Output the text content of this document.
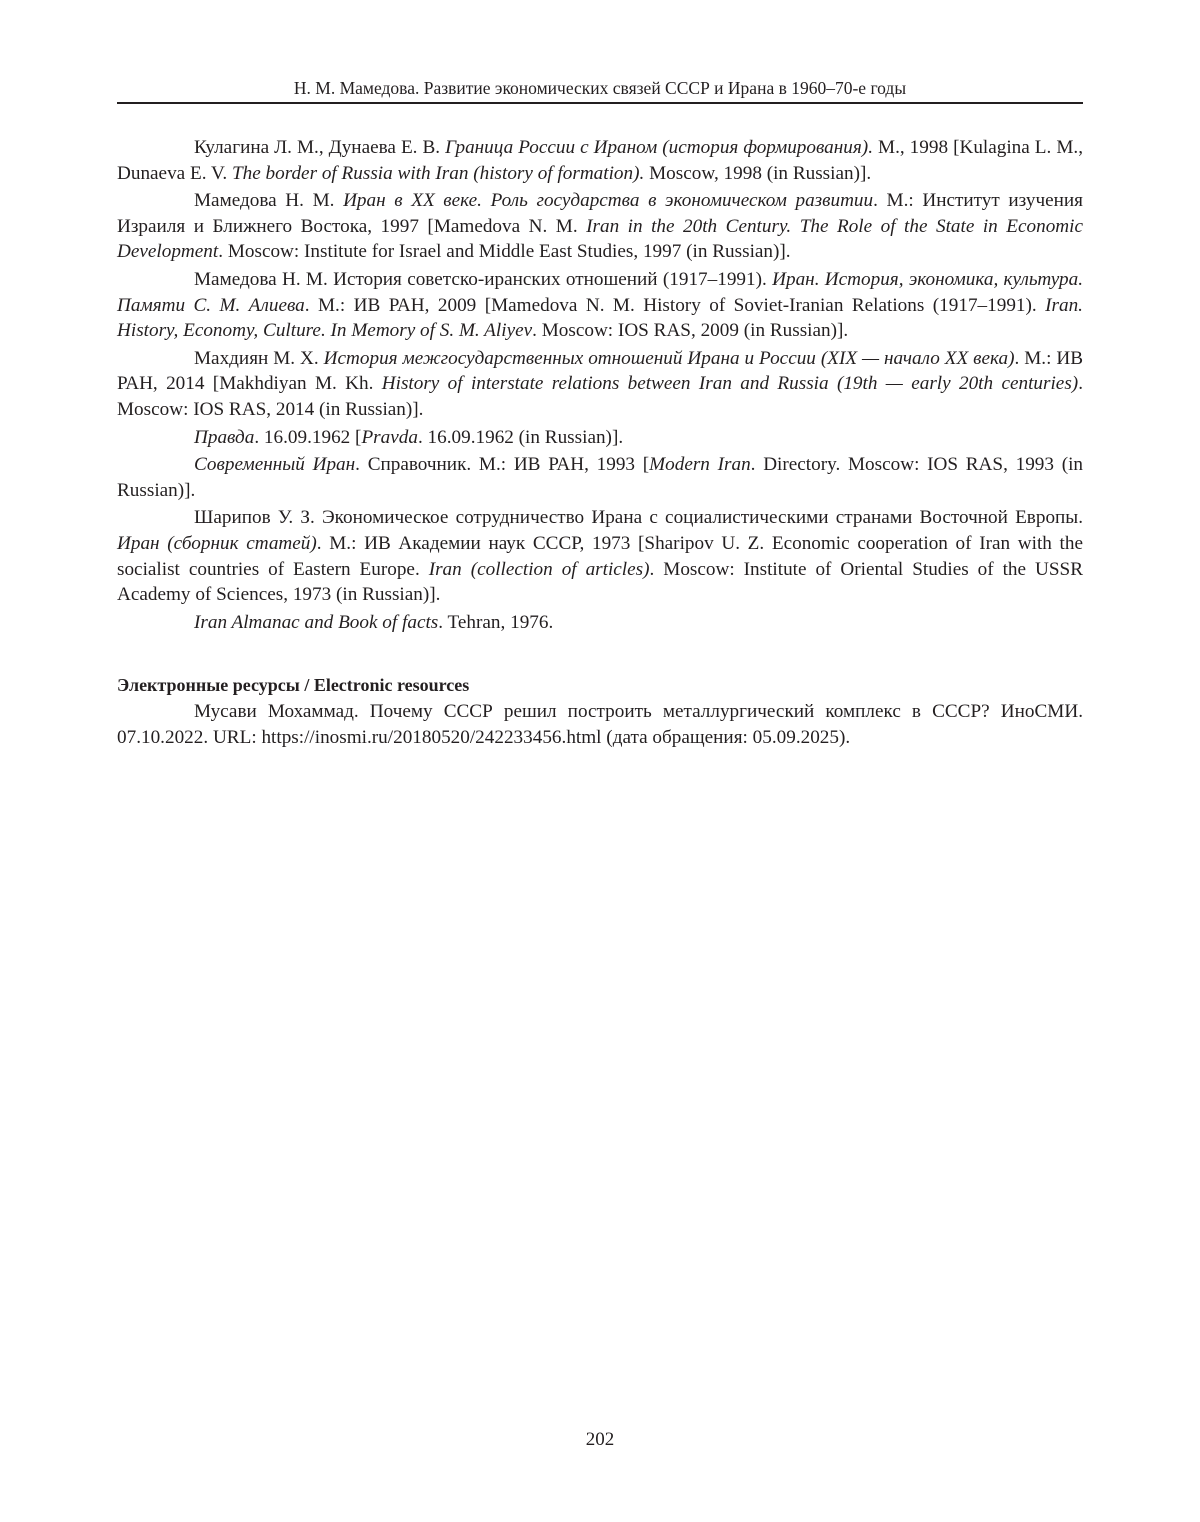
Н. М. Мамедова. Развитие экономических связей СССР и Ирана в 1960–70-е годы

Кулагина Л. М., Дунаева Е. В. Граница России с Ираном (история формирования). М., 1998 [Kulagina L. M., Dunaeva E. V. The border of Russia with Iran (history of formation). Moscow, 1998 (in Russian)].

Мамедова Н. М. Иран в XX веке. Роль государства в экономическом развитии. М.: Институт изучения Израиля и Ближнего Востока, 1997 [Mamedova N. M. Iran in the 20th Century. The Role of the State in Economic Development. Moscow: Institute for Israel and Middle East Studies, 1997 (in Russian)].

Мамедова Н. М. История советско-иранских отношений (1917–1991). Иран. История, экономика, культура. Памяти С. М. Алиева. М.: ИВ РАН, 2009 [Mamedova N. M. History of Soviet-Iranian Relations (1917–1991). Iran. History, Economy, Culture. In Memory of S. M. Aliyev. Moscow: IOS RAS, 2009 (in Russian)].

Махдиян М. Х. История межгосударственных отношений Ирана и России (XIX — начало XX века). М.: ИВ РАН, 2014 [Makhdiyan M. Kh. History of interstate relations between Iran and Russia (19th — early 20th centuries). Moscow: IOS RAS, 2014 (in Russian)].

Правда. 16.09.1962 [Pravda. 16.09.1962 (in Russian)].

Современный Иран. Справочник. М.: ИВ РАН, 1993 [Modern Iran. Directory. Moscow: IOS RAS, 1993 (in Russian)].

Шарипов У. З. Экономическое сотрудничество Ирана с социалистическими странами Восточной Европы. Иран (сборник статей). М.: ИВ Академии наук СССР, 1973 [Sharipov U. Z. Economic cooperation of Iran with the socialist countries of Eastern Europe. Iran (collection of articles). Moscow: Institute of Oriental Studies of the USSR Academy of Sciences, 1973 (in Russian)].

Iran Almanac and Book of facts. Tehran, 1976.

Электронные ресурсы / Electronic resources

Мусави Мохаммад. Почему СССР решил построить металлургический комплекс в СССР? ИноСМИ. 07.10.2022. URL: https://inosmi.ru/20180520/242233456.html (дата обращения: 05.09.2025).

202
